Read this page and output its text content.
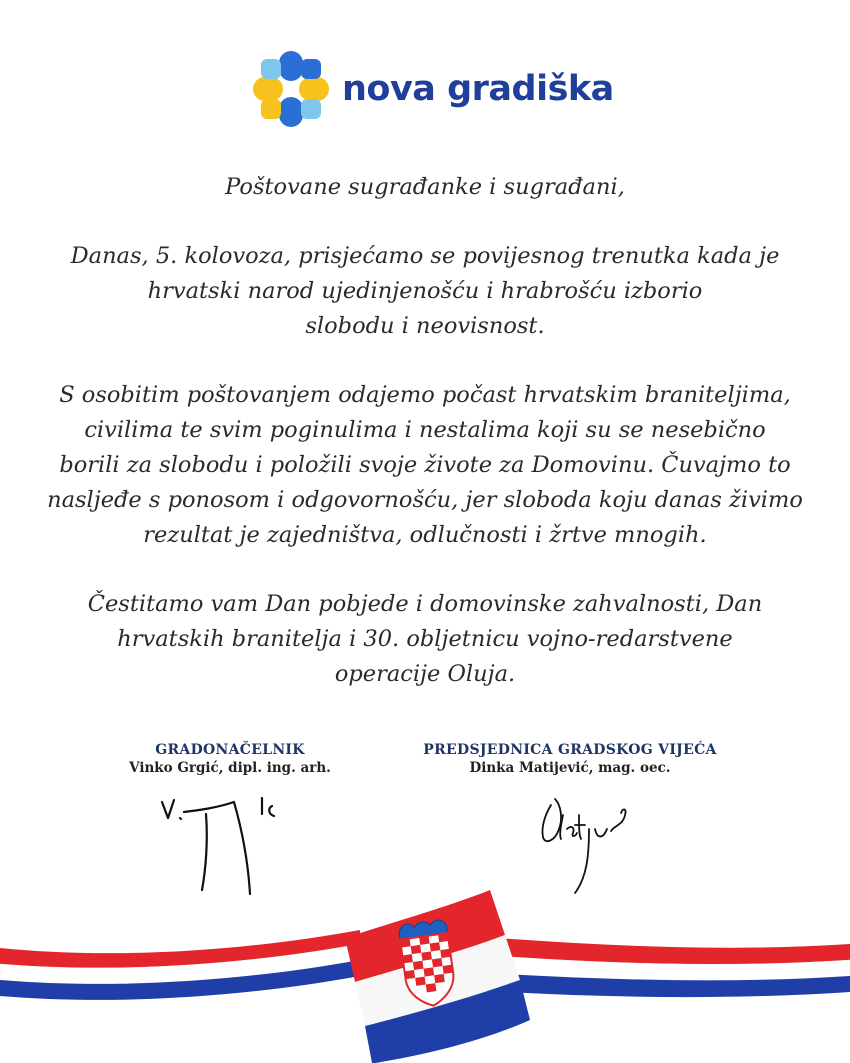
nova gradiška

Poštovane sugrađanke i sugrađani,

Danas, 5. kolovoza, prisjećamo se povijesnog trenutka kada je
hrvatski narod ujedinjenošću i hrabrošću izborio
slobodu i neovisnost.

S osobitim poštovanjem odajemo počast hrvatskim braniteljima,
civilima te svim poginulima i nestalima koji su se nesebično
borili za slobodu i položili svoje živote za Domovinu. Čuvajmo to
nasljeđe s ponosom i odgovornošću, jer sloboda koju danas živimo
rezultat je zajedništva, odlučnosti i žrtve mnogih.

Čestitamo vam Dan pobjede i domovinske zahvalnosti, Dan
hrvatskih branitelja i 30. obljetnicu vojno-redarstvene
operacije Oluja.

GRADONAČELNIK
Vinko Grgić, dipl. ing. arh.
PREDSJEDNICA GRADSKOG VIJEĆA
Dinka Matijević, mag. oec.
